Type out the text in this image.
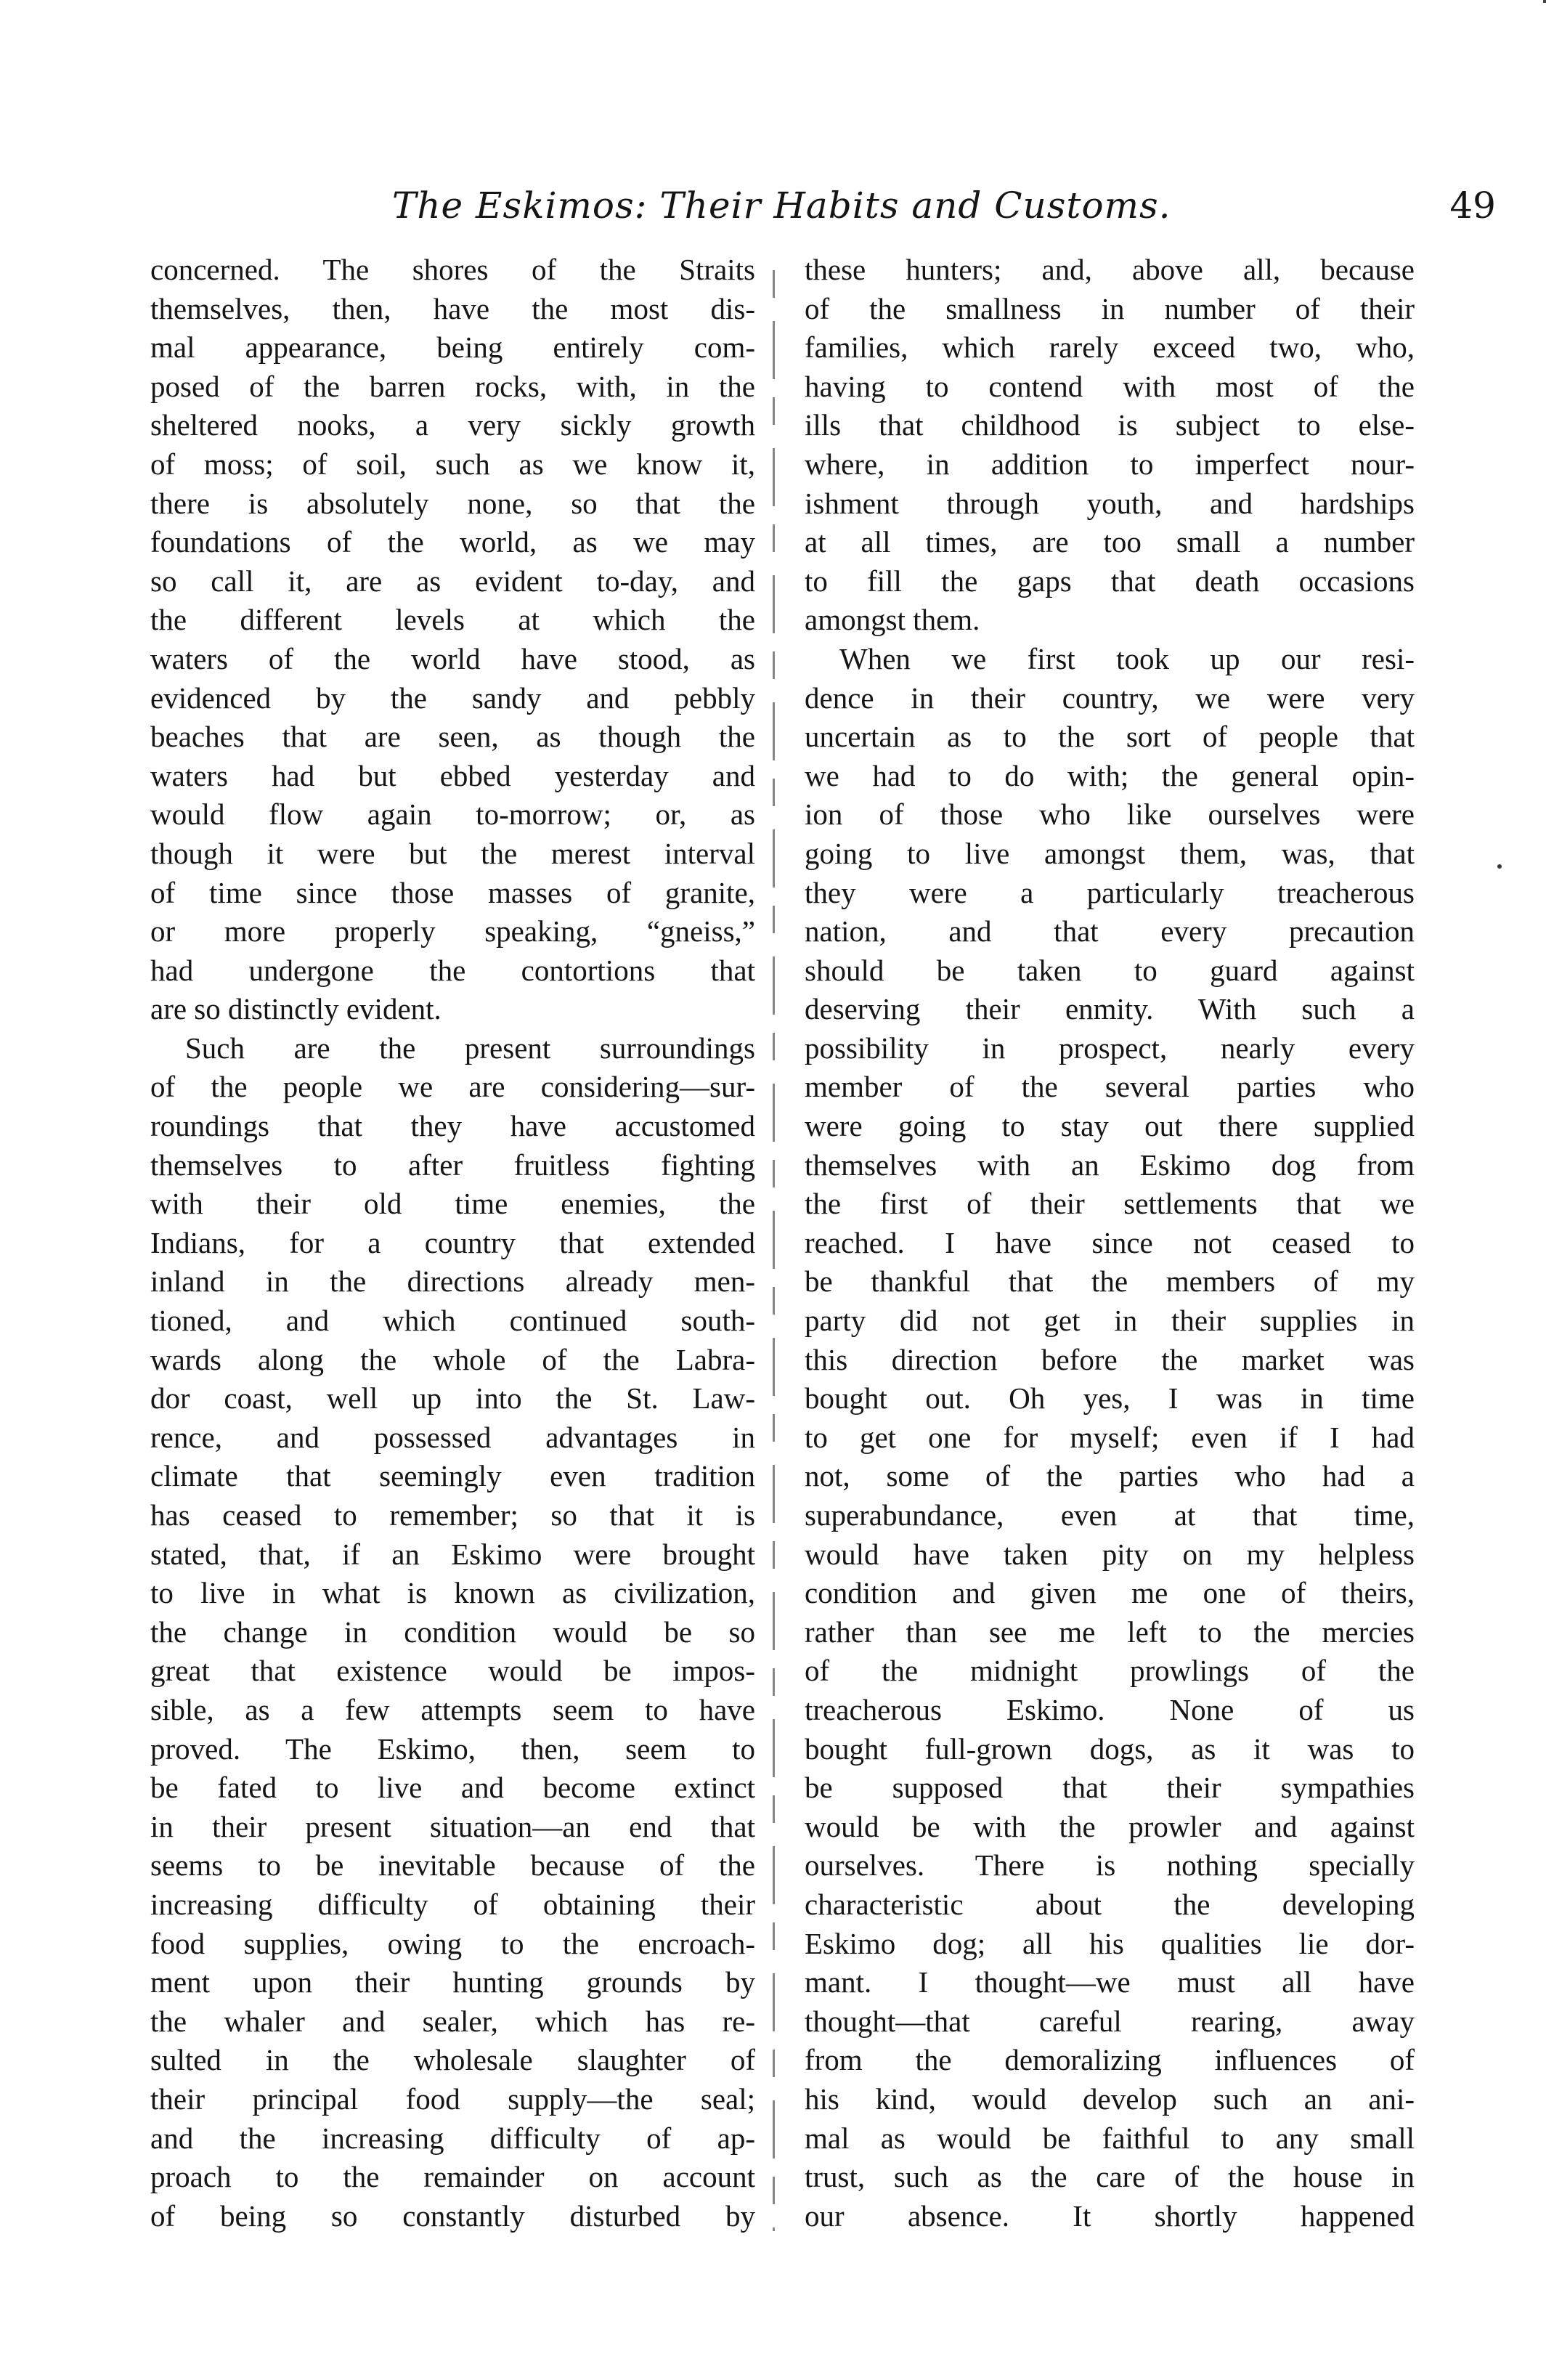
The Eskimos: Their Habits and Customs.	49
concerned. The shores of the Straits
themselves, then, have the most dis-
mal appearance, being entirely com-
posed of the barren rocks, with, in the
sheltered nooks, a very sickly growth
of moss; of soil, such as we know it,
there is absolutely none, so that the
foundations of the world, as we may
so call it, are as evident to-day, and
the different levels at which the
waters of the world have stood, as
evidenced by the sandy and pebbly
beaches that are seen, as though the
waters had but ebbed yesterday and
would flow again to-morrow; or, as
though it were but the merest interval
of time since those masses of granite,
or more properly speaking, “gneiss,”
had undergone the contortions that
are so distinctly evident.
Such are the present surroundings
of the people we are considering—sur-
roundings that they have accustomed
themselves to after fruitless fighting
with their old time enemies, the
Indians, for a country that extended
inland in the directions already men-
tioned, and which continued south-
wards along the whole of the Labra-
dor coast, well up into the St. Law-
rence, and possessed advantages in
climate that seemingly even tradition
has ceased to remember; so that it is
stated, that, if an Eskimo were brought
to live in what is known as civilization,
the change in condition would be so
great that existence would be impos-
sible, as a few attempts seem to have
proved. The Eskimo, then, seem to
be fated to live and become extinct
in their present situation—an end that
seems to be inevitable because of the
increasing difficulty of obtaining their
food supplies, owing to the encroach-
ment upon their hunting grounds by
the whaler and sealer, which has re-
sulted in the wholesale slaughter of
their principal food supply—the seal;
and the increasing difficulty of ap-
proach to the remainder on account
of being so constantly disturbed by
these hunters; and, above all, because
of the smallness in number of their
families, which rarely exceed two, who,
having to contend with most of the
ills that childhood is subject to else-
where, in addition to imperfect nour-
ishment through youth, and hardships
at all times, are too small a number
to fill the gaps that death occasions
amongst them.
When we first took up our resi-
dence in their country, we were very
uncertain as to the sort of people that
we had to do with; the general opin-
ion of those who like ourselves were
going to live amongst them, was, that
they were a particularly treacherous
nation, and that every precaution
should be taken to guard against
deserving their enmity. With such a
possibility in prospect, nearly every
member of the several parties who
were going to stay out there supplied
themselves with an Eskimo dog from
the first of their settlements that we
reached. I have since not ceased to
be thankful that the members of my
party did not get in their supplies in
this direction before the market was
bought out. Oh yes, I was in time
to get one for myself; even if I had
not, some of the parties who had a
superabundance, even at that time,
would have taken pity on my helpless
condition and given me one of theirs,
rather than see me left to the mercies
of the midnight prowlings of the
treacherous Eskimo. None of us
bought full-grown dogs, as it was to
be supposed that their sympathies
would be with the prowler and against
ourselves. There is nothing specially
characteristic about the developing
Eskimo dog; all his qualities lie dor-
mant. I thought—we must all have
thought—that careful rearing, away
from the demoralizing influences of
his kind, would develop such an ani-
mal as would be faithful to any small
trust, such as the care of the house in
our absence. It shortly happened
